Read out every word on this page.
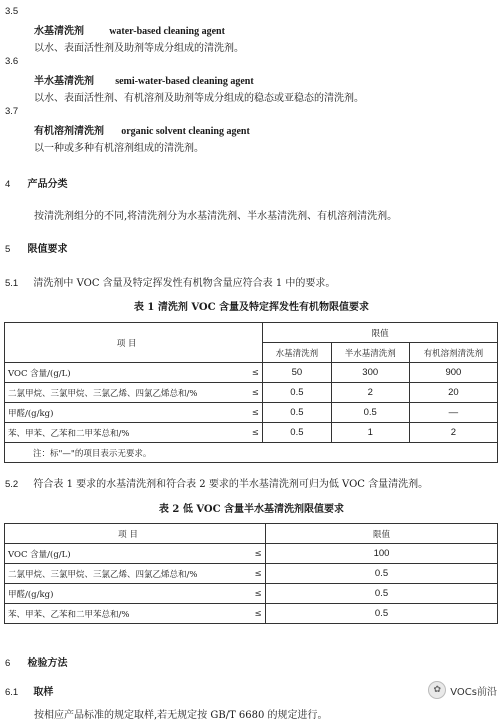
3.5
水基清洗剂	water-based cleaning agent
以水、表面活性剂及助剂等成分组成的清洗剂。
3.6
半水基清洗剂 semi-water-based cleaning agent
以水、表面活性剂、有机溶剂及助剂等成分组成的稳态或亚稳态的清洗剂。
3.7
有机溶剂清洗剂 organic solvent cleaning agent
以一种或多种有机溶剂组成的清洗剂。
4 产品分类
按清洗剂组分的不同,将清洗剂分为水基清洗剂、半水基清洗剂、有机溶剂清洗剂。
5 限值要求
5.1 清洗剂中 VOC 含量及特定挥发性有机物含量应符合表 1 中的要求。
表 1 清洗剂 VOC 含量及特定挥发性有机物限值要求
项 目		限值		
		水基清洗剂	半水基清洗剂	有机溶剂清洗剂
VOC 含量/(g/L)	≤	50	300	900
二氯甲烷、三氯甲烷、三氯乙烯、四氯乙烯总和/%	≤	0.5	2	20
甲醛/(g/kg)	≤	0.5	0.5	—
苯、甲苯、乙苯和二甲苯总和/%	≤	0.5	1	2
注：标"—"的项目表示无要求。				
5.2 符合表 1 要求的水基清洗剂和符合表 2 要求的半水基清洗剂可归为低 VOC 含量清洗剂。
表 2 低 VOC 含量半水基清洗剂限值要求
项 目		限值
VOC 含量/(g/L)	≤	100
二氯甲烷、三氯甲烷、三氯乙烯、四氯乙烯总和/%	≤	0.5
甲醛/(g/kg)	≤	0.5
苯、甲苯、乙苯和二甲苯总和/%	≤	0.5
6 检验方法
6.1 取样
按相应产品标准的规定取样,若无规定按 GB/T 6680 的规定进行。
✿ VOCs前沿
